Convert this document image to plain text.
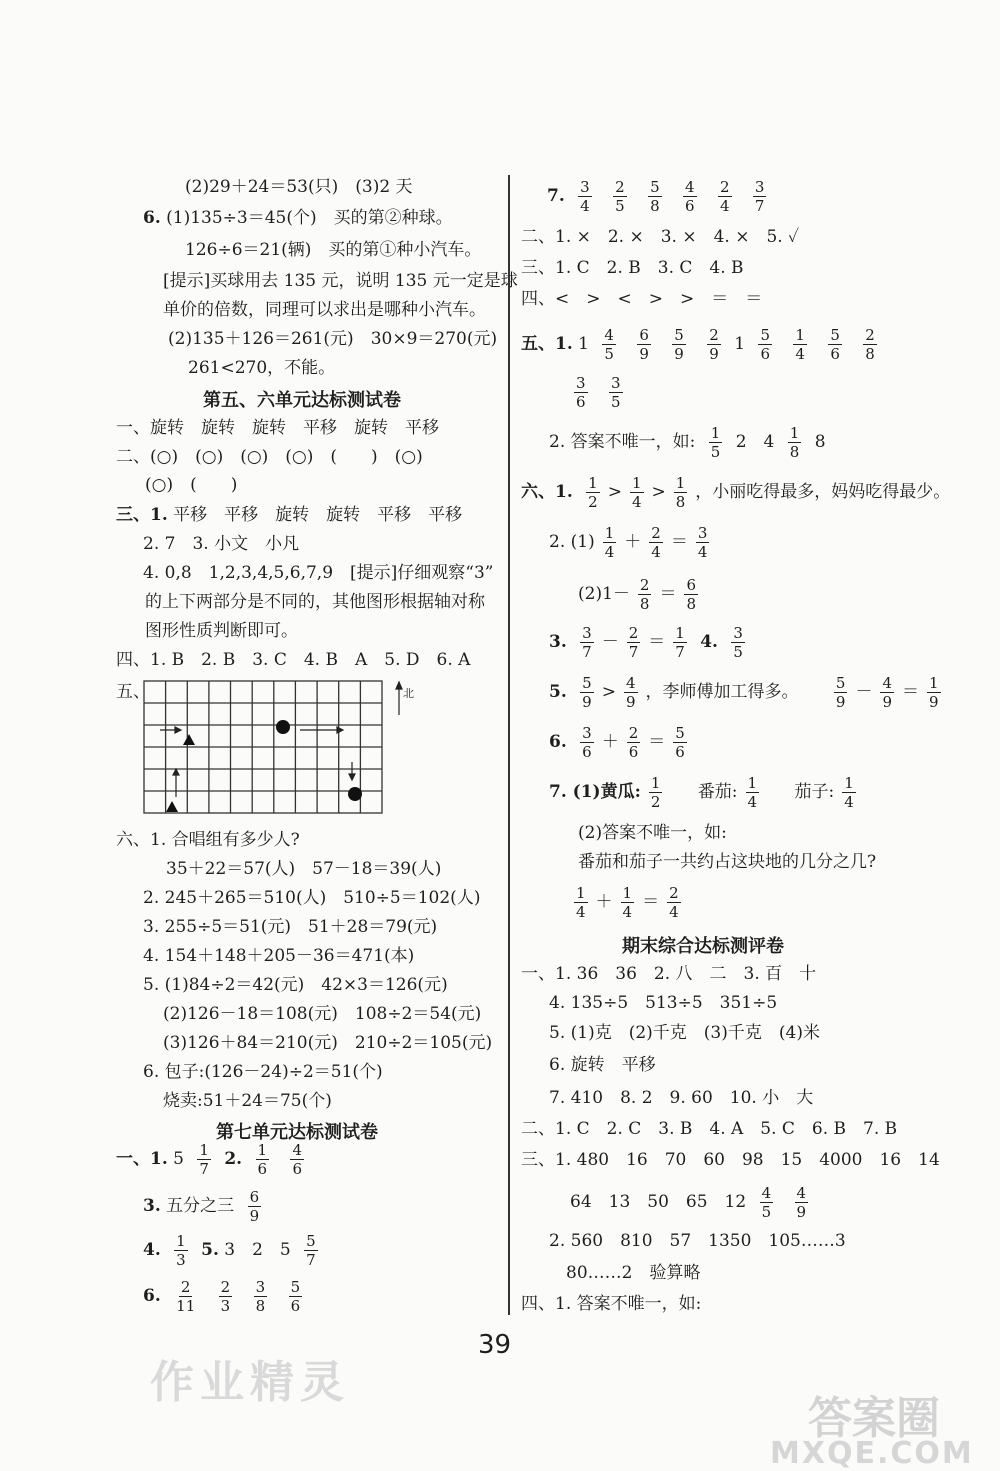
(2)29＋24＝53(只)　(3)2 天
6. (1)135÷3＝45(个)　买的第②种球。
126÷6＝21(辆)　买的第①种小汽车。
[提示]买球用去 135 元，说明 135 元一定是球
单价的倍数，同理可以求出是哪种小汽车。
(2)135＋126＝261(元)　30×9＝270(元)
261<270，不能。
第五、六单元达标测试卷
一、旋转　旋转　旋转　平移　旋转　平移
二、(○)　(○)　(○)　(○)　(　　)　(○)
(○)　(　　)
三、1. 平移　平移　旋转　旋转　平移　平移
2. 7　3. 小文　小凡
4. 0,8　1,2,3,4,5,6,7,9　[提示]仔细观察“3”
的上下两部分是不同的，其他图形根据轴对称
图形性质判断即可。
四、1. B　2. B　3. C　4. B　A　5. D　6. A
五、	北
六、1. 合唱组有多少人?
35＋22＝57(人)　57－18＝39(人)
2. 245＋265＝510(人)　510÷5＝102(人)
3. 255÷5＝51(元)　51＋28＝79(元)
4. 154＋148＋205－36＝471(本)
5. (1)84÷2＝42(元)　42×3＝126(元)
(2)126－18＝108(元)　108÷2＝54(元)
(3)126＋84＝210(元)　210÷2＝105(元)
6. 包子:(126－24)÷2＝51(个)
烧卖:51＋24＝75(个)
第七单元达标测试卷
一、1. $5 \frac{1}{7} 2$. $\frac{1}{6}$
$\frac{4}{6}$
3. 五分之三 $\frac{6}{9}$
4. $\frac{1}{3} 5$. 3　2　$5 \frac{5}{7}$
6. $\frac{2}{11}$
$\frac{2}{3}$
$\frac{3}{8}$
$\frac{5}{6}$
7. $\frac{3}{4}$
$\frac{2}{5}$
$\frac{5}{8}$
$\frac{4}{6}$
$\frac{2}{4}$
$\frac{3}{7}$
二、1. ×　2. ×　3. ×　4. ×　5. ✓
三、1. C　2. B　3. C　4. B
四、<　>　<　>　>　＝　＝
五、1. $1 \frac{4}{5}$
$\frac{6}{9}$
$\frac{5}{9}$
$\frac{2}{9} 1 \frac{5}{6}$
$\frac{1}{4}$
$\frac{5}{6}$
$\frac{2}{8}$
$\frac{3}{6}$
$\frac{3}{5}$
2. 答案不唯一，如: $\frac{1}{5} 2$　$4 \frac{1}{8} 8$
六、1. $\frac{1}{2} > \frac{1}{4} > \frac{1}{8}$ ，小丽吃得最多，妈妈吃得最少。
2. $(1) \frac{1}{4} + \frac{2}{4} = \frac{3}{4}$
$(2)1- \frac{2}{8} = \frac{6}{8}$
3. $\frac{3}{7} - \frac{2}{7} = \frac{1}{7} 4$. $\frac{3}{5}$
5. $\frac{5}{9} > \frac{4}{9}$ ，李师傅加工得多。 $\frac{5}{9} - \frac{4}{9} = \frac{1}{9}$
6. $\frac{3}{6} + \frac{2}{6} = \frac{5}{6}$
7. (1)黄瓜: $\frac{1}{2}$ 番茄: $\frac{1}{4}$ 茄子: $\frac{1}{4}$
(2)答案不唯一，如:
番茄和茄子一共约占这块地的几分之几?
$\frac{1}{4} + \frac{1}{4} = \frac{2}{4}$
期末综合达标测评卷
一、1. 36　36　2. 八　二　3. 百　十
4. 135÷5　513÷5　351÷5
5. (1)克　(2)千克　(3)千克　(4)米
6. 旋转　平移
7. 410　8. 2　9. 60　10. 小　大
二、1. C　2. C　3. B　4. A　5. C　6. B　7. B
三、1. 480　16　70　60　98　15　4000　16　14
64　13　50　65　$12 \frac{4}{5}$
$\frac{4}{9}$
2. 560　810　57　1350　105……3
80……2　验算略
四、1. 答案不唯一，如:
39
作业精灵
答案圈
MXQE.COM
